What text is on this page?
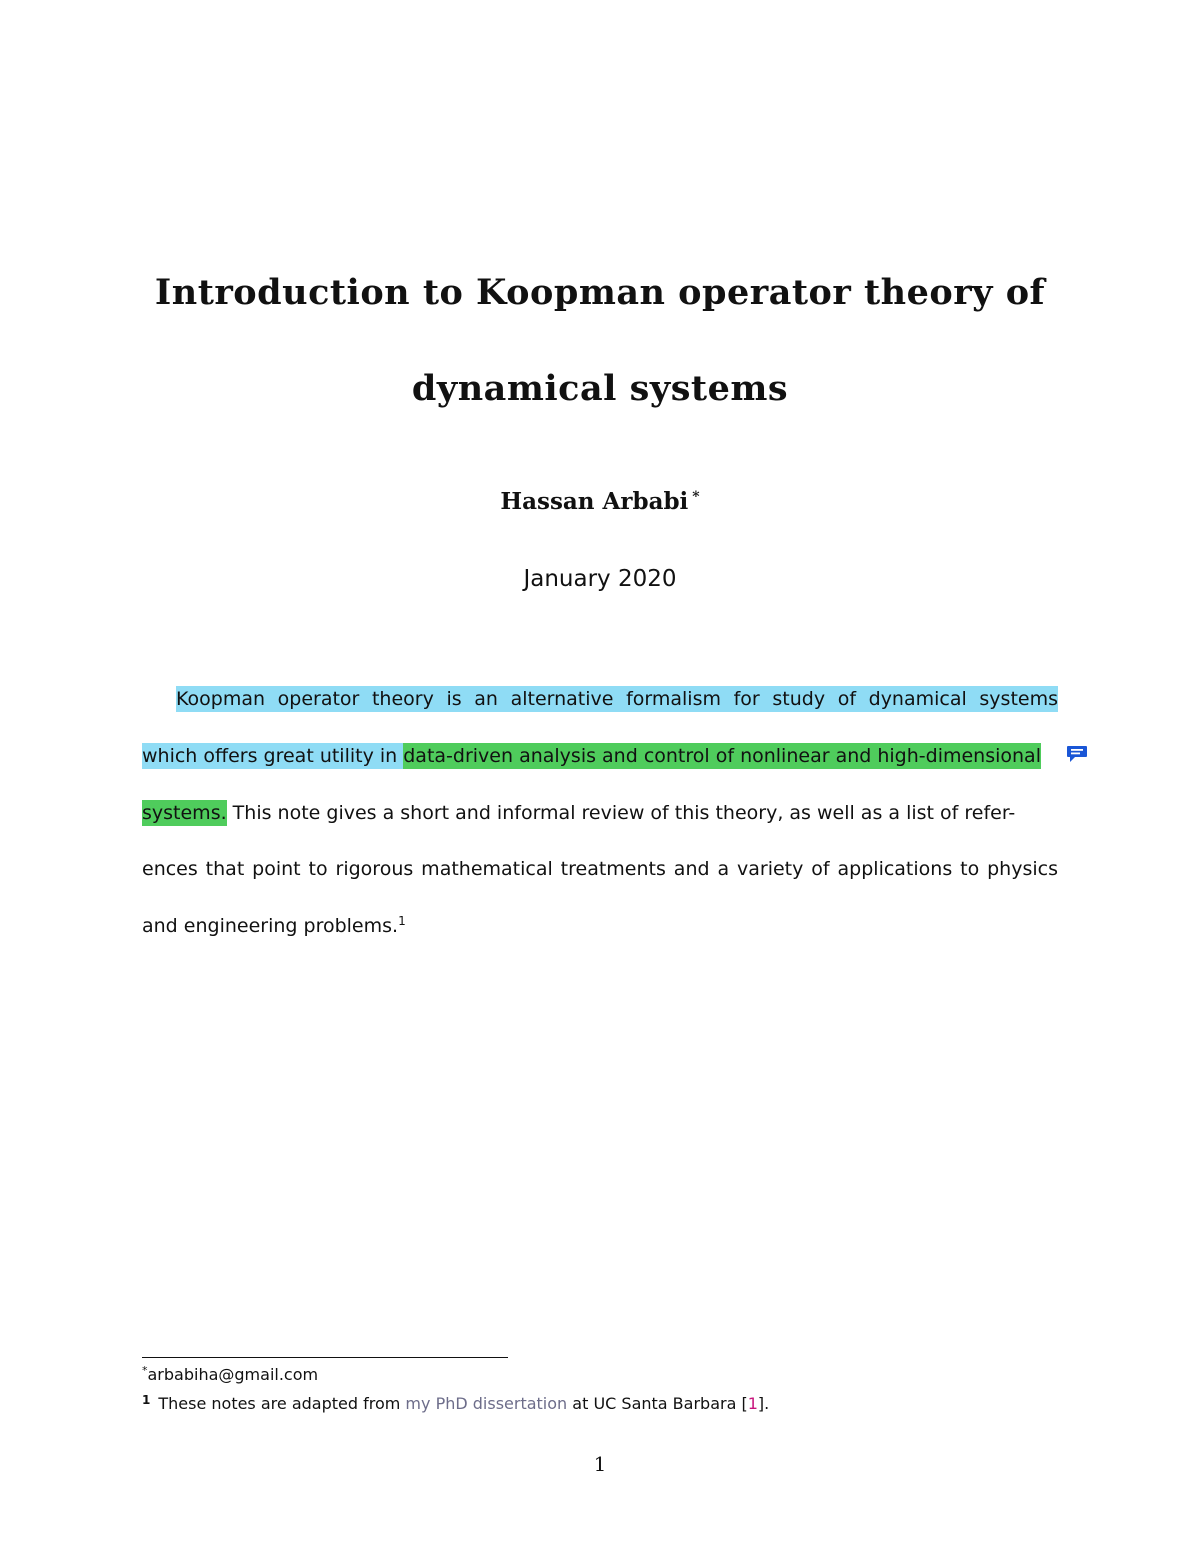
Introduction to Koopman operator theory of
dynamical systems
Hassan Arbabi *
January 2020
Koopman operator theory is an alternative formalism for study of dynamical systems
which offers great utility in data-driven analysis and control of nonlinear and high-dimensional
systems. This note gives a short and informal review of this theory, as well as a list of refer-
ences that point to rigorous mathematical treatments and a variety of applications to physics
and engineering problems.$^1$
*arbabiha@gmail.com
$^1$ These notes are adapted from my PhD dissertation at UC Santa Barbara [1].
1
